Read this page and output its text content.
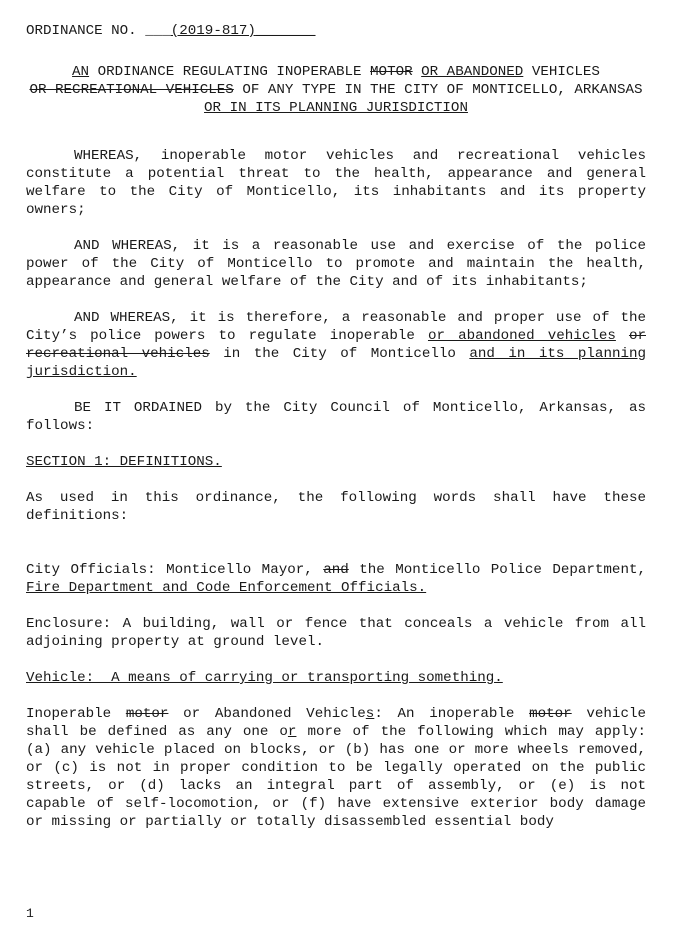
ORDINANCE NO. ___(2019-817)_______
AN ORDINANCE REGULATING INOPERABLE MOTOR OR ABANDONED VEHICLES
OR RECREATIONAL VEHICLES OF ANY TYPE IN THE CITY OF MONTICELLO, ARKANSAS OR IN ITS PLANNING JURISDICTION

WHEREAS, inoperable motor vehicles and recreational vehicles constitute a potential threat to the health, appearance and general welfare to the City of Monticello, its inhabitants and its property owners;

AND WHEREAS, it is a reasonable use and exercise of the police power of the City of Monticello to promote and maintain the health, appearance and general welfare of the City and of its inhabitants;

AND WHEREAS, it is therefore, a reasonable and proper use of the City’s police powers to regulate inoperable or abandoned vehicles or recreational vehicles in the City of Monticello and in its planning jurisdiction.

BE IT ORDAINED by the City Council of Monticello, Arkansas, as follows:

SECTION 1: DEFINITIONS.

As used in this ordinance, the following words shall have these definitions:

City Officials: Monticello Mayor, and the Monticello Police Department, Fire Department and Code Enforcement Officials.

Enclosure: A building, wall or fence that conceals a vehicle from all adjoining property at ground level.

Vehicle:  A means of carrying or transporting something.

Inoperable motor or Abandoned Vehicles: An inoperable motor vehicle shall be defined as any one or more of the following which may apply: (a) any vehicle placed on blocks, or (b) has one or more wheels removed, or (c) is not in proper condition to be legally operated on the public streets, or (d) lacks an integral part of assembly, or (e) is not capable of self-locomotion, or (f) have extensive exterior body damage or missing or partially or totally disassembled essential body

1
